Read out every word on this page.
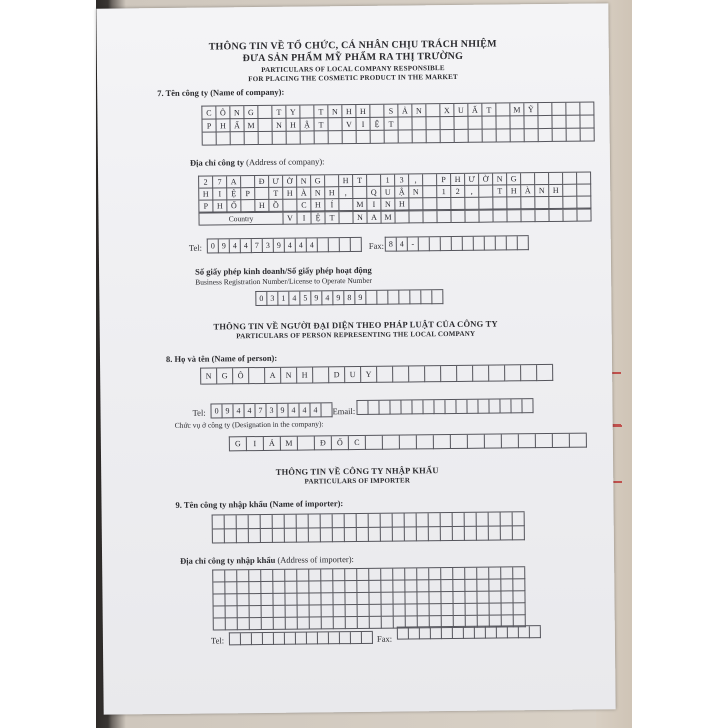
THÔNG TIN VỀ TỔ CHỨC, CÁ NHÂN CHỊU TRÁCH NHIỆM
ĐƯA SẢN PHẨM MỸ PHẨM RA THỊ TRƯỜNG
PARTICULARS OF LOCAL COMPANY RESPONSIBLE
FOR PLACING THE COSMETIC PRODUCT IN THE MARKET
7. Tên công ty (Name of company):
C	Ô	N	G	T	Y	T	N	H	H	S	Ả	N	X	U	Ấ	T	M Ỹ
P	H	Ẩ M	N	H	Ậ	T	V	I	Ệ	T
Địa chỉ công ty (Address of company):
2	7	A	Đ Ư Ờ	N	G	H	T	1	3	,	P	H Ư Ờ	N	G
H	I	Ệ	P	T	H	À	N	H	,	Q	U	Ậ	N	1	2	,	T	H	À	N	H
P	H	Ố	H	Ồ	C	H	Í	M	I	N	H
Country	V	I	Ệ	T	N	A M
Tel:	0 9 4 4 7 3 9 4 4 4	Fax: 8 4 -
Số giấy phép kinh doanh/Số giấy phép hoạt động
Business Registration Number/License to Operate Number
0 3 1 4 5 9 4 9 8 9
THÔNG TIN VỀ NGƯỜI ĐẠI DIỆN THEO PHÁP LUẬT CỦA CÔNG TY
PARTICULARS OF PERSON REPRESENTING THE LOCAL COMPANY
8. Họ và tên (Name of person):
N	G	Ô	A	N	H	D	U	Y
Tel:	0 9 4 4 7 3 9 4 4 4	Email:
Chức vụ ở công ty (Designation in the company):
G	I	Á	M	Đ	Ố	C
THÔNG TIN VỀ CÔNG TY NHẬP KHẨU
PARTICULARS OF IMPORTER
9. Tên công ty nhập khẩu (Name of importer):
Địa chỉ công ty nhập khẩu (Address of importer):
Tel:	Fax:
